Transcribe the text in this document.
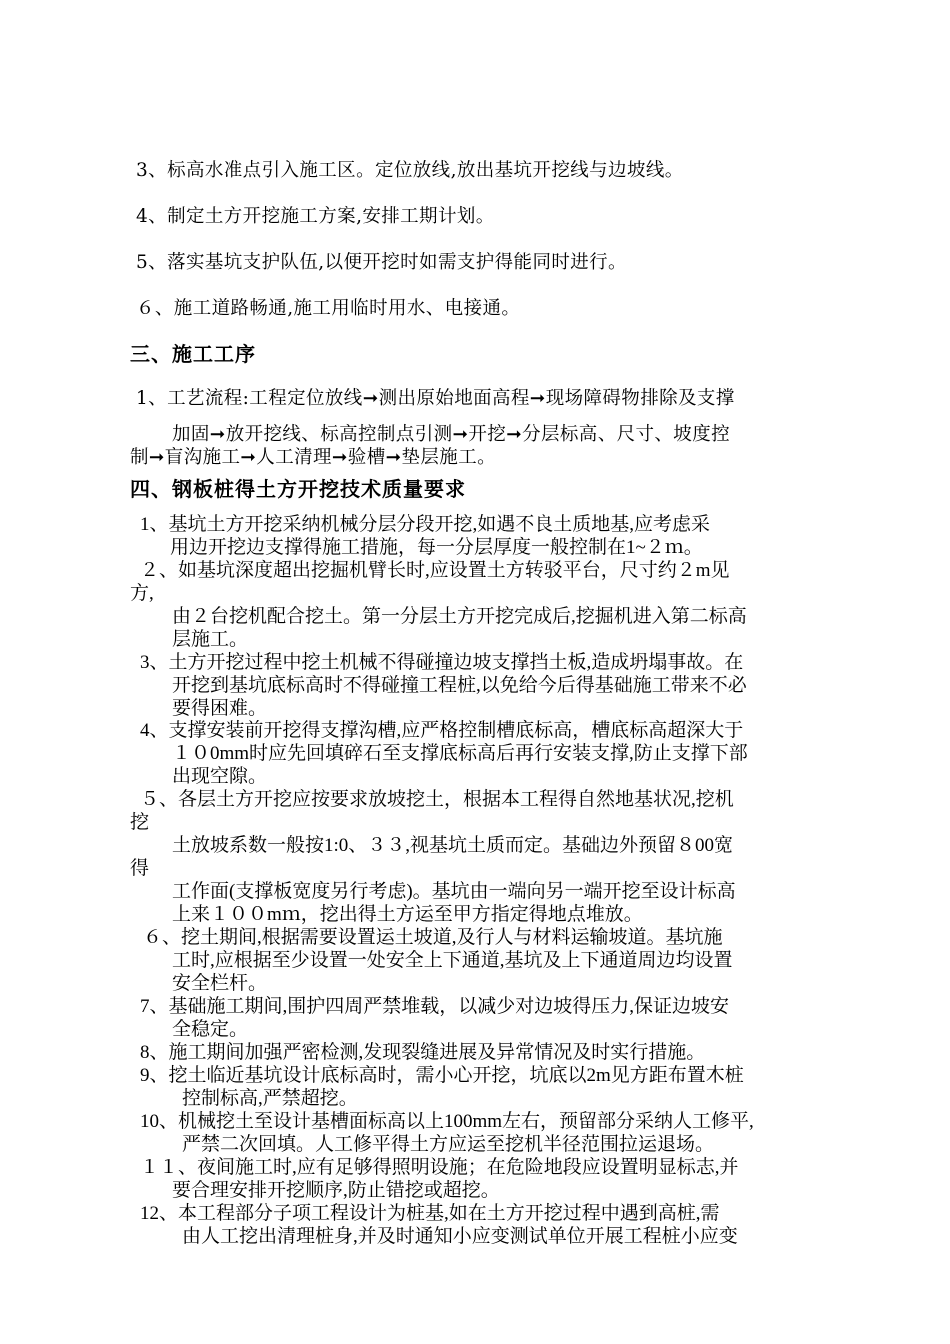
3、标高水准点引入施工区。定位放线,放出基坑开挖线与边坡线。
4、制定土方开挖施工方案,安排工期计划。
5、落实基坑支护队伍,以便开挖时如需支护得能同时进行。
６、施工道路畅通,施工用临时用水、电接通。
三、施工工序
1、工艺流程:工程定位放线➞测出原始地面高程➞现场障碍物排除及支撑
加固➞放开挖线、标高控制点引测➞开挖➞分层标高、尺寸、坡度控
制➞盲沟施工➞人工清理➞验槽➞垫层施工。
四、钢板桩得土方开挖技术质量要求
1、基坑土方开挖采纳机械分层分段开挖,如遇不良土质地基,应考虑采
用边开挖边支撑得施工措施，每一分层厚度一般控制在1~２ｍ。
２、如基坑深度超出挖掘机臂长时,应设置土方转驳平台，尺寸约２m见
方,
由２台挖机配合挖土。第一分层土方开挖完成后,挖掘机进入第二标高
层施工。
3、土方开挖过程中挖土机械不得碰撞边坡支撑挡土板,造成坍塌事故。在
开挖到基坑底标高时不得碰撞工程桩,以免给今后得基础施工带来不必
要得困难。
4、支撑安装前开挖得支撑沟槽,应严格控制槽底标高，槽底标高超深大于
１０0mm时应先回填碎石至支撑底标高后再行安装支撑,防止支撑下部
出现空隙。
５、各层土方开挖应按要求放坡挖土，根据本工程得自然地基状况,挖机
挖
土放坡系数一般按1:0、３３,视基坑土质而定。基础边外预留８00宽
得
工作面(支撑板宽度另行考虑)。基坑由一端向另一端开挖至设计标高
上来１００mｍ，挖出得土方运至甲方指定得地点堆放。
６、挖土期间,根据需要设置运土坡道,及行人与材料运输坡道。基坑施
工时,应根据至少设置一处安全上下通道,基坑及上下通道周边均设置
安全栏杆。
7、基础施工期间,围护四周严禁堆载，以减少对边坡得压力,保证边坡安
全稳定。
8、施工期间加强严密检测,发现裂缝进展及异常情况及时实行措施。
9、挖土临近基坑设计底标高时，需小心开挖，坑底以2m见方距布置木桩
控制标高,严禁超挖。
10、机械挖土至设计基槽面标高以上100mm左右，预留部分采纳人工修平,
严禁二次回填。人工修平得土方应运至挖机半径范围拉运退场。
１１、夜间施工时,应有足够得照明设施；在危险地段应设置明显标志,并
要合理安排开挖顺序,防止错挖或超挖。
12、本工程部分子项工程设计为桩基,如在土方开挖过程中遇到高桩,需
由人工挖出清理桩身,并及时通知小应变测试单位开展工程桩小应变
